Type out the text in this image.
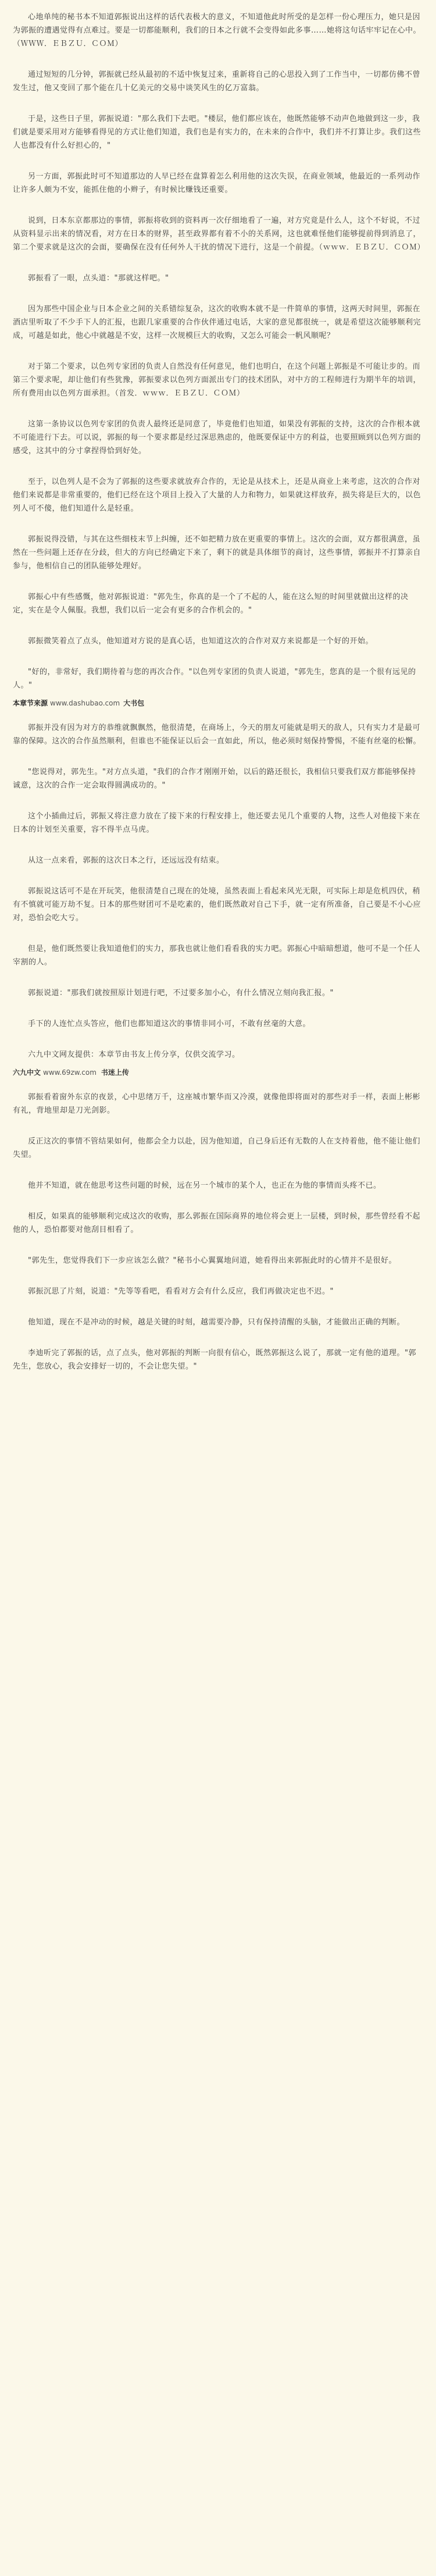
心地单纯的秘书本不知道郭振说出这样的话代表极大的意义，不知道他此时所受的是怎样一份心理压力，她只是因为郭振的遭遇觉得有点难过。要是一切都能顺利，我们的日本之行就不会变得如此多事……她将这句话牢牢记在心中。（ＷＷＷ．ＥＢＺＵ．ＣＯＭ）

通过短短的几分钟，郭振就已经从最初的不适中恢复过来，重新将自己的心思投入到了工作当中，一切都仿佛不曾发生过，他又变回了那个能在几十亿美元的交易中谈笑风生的亿万富翁。

于是，这些日子里，郭振说道："那么我们下去吧。"楼层，他们都应该在，他既然能够不动声色地做到这一步，我们就是要采用对方能够看得见的方式让他们知道，我们也是有实力的，在未来的合作中，我们并不打算让步。我们这些人也都没有什么好担心的，"

另一方面，郭振此时可不知道那边的人早已经在盘算着怎么利用他的这次失误，在商业领域，他最近的一系列动作让许多人颇为不安，能抓住他的小辫子，有时候比赚钱还重要。

说到，日本东京都那边的事情，郭振将收到的资料再一次仔细地看了一遍，对方究竟是什么人，这个不好说，不过从资料显示出来的情况看，对方在日本的财界，甚至政界都有着不小的关系网，这也就难怪他们能够提前得到消息了，第二个要求就是这次的会面，要确保在没有任何外人干扰的情况下进行，这是一个前提。（ｗｗｗ．ＥＢＺＵ．ＣＯＭ）

郭振看了一眼，点头道："那就这样吧。"

因为那些中国企业与日本企业之间的关系错综复杂，这次的收购本就不是一件简单的事情，这两天时间里，郭振在酒店里听取了不少手下人的汇报，也跟几家重要的合作伙伴通过电话，大家的意见都很统一，就是希望这次能够顺利完成，可越是如此，他心中就越是不安，这样一次规模巨大的收购，又怎么可能会一帆风顺呢？

对于第二个要求，以色列专家团的负责人自然没有任何意见，他们也明白，在这个问题上郭振是不可能让步的。而第三个要求呢，却让他们有些犹豫，郭振要求以色列方面派出专门的技术团队，对中方的工程师进行为期半年的培训，所有费用由以色列方面承担。（首发．ｗｗｗ．ＥＢＺＵ．ＣＯＭ）

这第一条协议以色列专家团的负责人最终还是同意了，毕竟他们也知道，如果没有郭振的支持，这次的合作根本就不可能进行下去。可以说，郭振的每一个要求都是经过深思熟虑的，他既要保证中方的利益，也要照顾到以色列方面的感受，这其中的分寸拿捏得恰到好处。

至于，以色列人是不会为了郭振的这些要求就放弃合作的，无论是从技术上，还是从商业上来考虑，这次的合作对他们来说都是非常重要的，他们已经在这个项目上投入了大量的人力和物力，如果就这样放弃，损失将是巨大的，以色列人可不傻，他们知道什么是轻重。

郭振说得没错，与其在这些细枝末节上纠缠，还不如把精力放在更重要的事情上。这次的会面，双方都很满意，虽然在一些问题上还存在分歧，但大的方向已经确定下来了，剩下的就是具体细节的商讨，这些事情，郭振并不打算亲自参与，他相信自己的团队能够处理好。

郭振心中有些感慨，他对郭振说道："郭先生，你真的是一个了不起的人，能在这么短的时间里就做出这样的决定，实在是令人佩服。我想，我们以后一定会有更多的合作机会的。"

郭振微笑着点了点头，他知道对方说的是真心话，也知道这次的合作对双方来说都是一个好的开始。

"好的，非常好，我们期待着与您的再次合作。"以色列专家团的负责人说道，"郭先生，您真的是一个很有远见的人。"

本章节来源 www.dashubao.com 大书包

郭振并没有因为对方的恭维就飘飘然，他很清楚，在商场上，今天的朋友可能就是明天的敌人，只有实力才是最可靠的保障。这次的合作虽然顺利，但谁也不能保证以后会一直如此，所以，他必须时刻保持警惕，不能有丝毫的松懈。

"您说得对，郭先生。"对方点头道，"我们的合作才刚刚开始，以后的路还很长，我相信只要我们双方都能够保持诚意，这次的合作一定会取得圆满成功的。"

这个小插曲过后，郭振又将注意力放在了接下来的行程安排上，他还要去见几个重要的人物，这些人对他接下来在日本的计划至关重要，容不得半点马虎。

从这一点来看，郭振的这次日本之行，还远远没有结束。

郭振说这话可不是在开玩笑，他很清楚自己现在的处境，虽然表面上看起来风光无限，可实际上却是危机四伏，稍有不慎就可能万劫不复。日本的那些财团可不是吃素的，他们既然敢对自己下手，就一定有所准备，自己要是不小心应对，恐怕会吃大亏。

但是，他们既然要让我知道他们的实力，那我也就让他们看看我的实力吧。郭振心中暗暗想道，他可不是一个任人宰割的人。

郭振说道："那我们就按照原计划进行吧，不过要多加小心，有什么情况立刻向我汇报。"

手下的人连忙点头答应，他们也都知道这次的事情非同小可，不敢有丝毫的大意。

六九中文网友提供：本章节由书友上传分享，仅供交流学习。

六九中文 www.69zw.com 书迷上传

郭振看着窗外东京的夜景，心中思绪万千，这座城市繁华而又冷漠，就像他即将面对的那些对手一样，表面上彬彬有礼，背地里却是刀光剑影。

反正这次的事情不管结果如何，他都会全力以赴，因为他知道，自己身后还有无数的人在支持着他，他不能让他们失望。

他并不知道，就在他思考这些问题的时候，远在另一个城市的某个人，也正在为他的事情而头疼不已。

相反，如果真的能够顺利完成这次的收购，那么郭振在国际商界的地位将会更上一层楼，到时候，那些曾经看不起他的人，恐怕都要对他刮目相看了。

"郭先生，您觉得我们下一步应该怎么做？"秘书小心翼翼地问道，她看得出来郭振此时的心情并不是很好。

郭振沉思了片刻，说道："先等等看吧，看看对方会有什么反应，我们再做决定也不迟。"

他知道，现在不是冲动的时候，越是关键的时刻，越需要冷静，只有保持清醒的头脑，才能做出正确的判断。

李迪听完了郭振的话，点了点头，他对郭振的判断一向很有信心，既然郭振这么说了，那就一定有他的道理。"郭先生，您放心，我会安排好一切的，不会让您失望。"
